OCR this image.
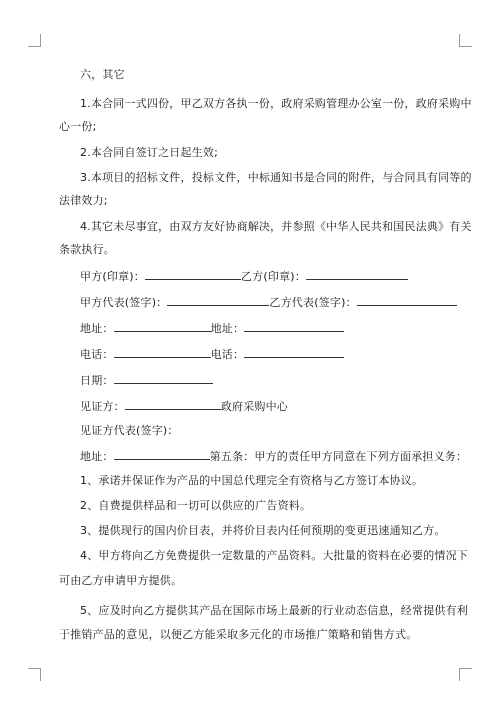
六，其它
1.本合同一式四份，甲乙双方各执一份，政府采购管理办公室一份，政府采购中
心一份;
2.本合同自签订之日起生效;
3.本项目的招标文件，投标文件，中标通知书是合同的附件，与合同具有同等的
法律效力;
4.其它未尽事宜，由双方友好协商解决，并参照《中华人民共和国民法典》有关
条款执行。
甲方(印章)：	乙方(印章)：
甲方代表(签字)：	乙方代表(签字)：
地址：	地址：
电话：	电话：
日期：
见证方：	政府采购中心
见证方代表(签字)：
地址：	第五条：甲方的责任甲方同意在下列方面承担义务：
1、承诺并保证作为产品的中国总代理完全有资格与乙方签订本协议。
2、自费提供样品和一切可以供应的广告资料。
3、提供现行的国内价目表，并将价目表内任何预期的变更迅速通知乙方。
4、甲方将向乙方免费提供一定数量的产品资料。大批量的资料在必要的情况下
可由乙方申请甲方提供。
5、应及时向乙方提供其产品在国际市场上最新的行业动态信息，经常提供有利
于推销产品的意见，以便乙方能采取多元化的市场推广策略和销售方式。
